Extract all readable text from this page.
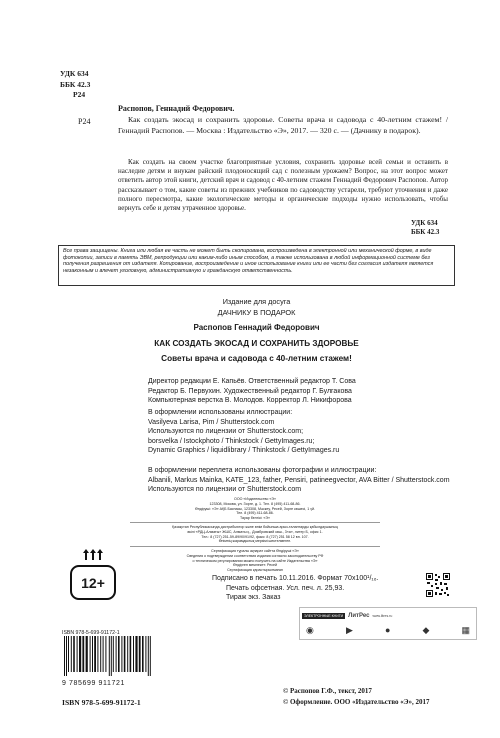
УДК 634
ББК 42.3
Р24
Распопов, Геннадий Федорович.
Р24	Как создать экосад и сохранить здоровье. Советы врача и садовода с 40-летним стажем! / Геннадий Распопов. — Москва : Издательство «Э», 2017. — 320 с. — (Дачнику в подарок).
Как создать на своем участке благоприятные условия, сохранить здоровье всей семьи и оставить в наследие детям и внукам райский плодоносящий сад с полезным урожаем? Вопрос, на этот вопрос может ответить автор этой книги, детский врач и садовод с 40-летним стажем Геннадий Федорович Распопов. Автор рассказывает о том, какие советы из прежних учебников по садоводству устарели, требуют уточнения и даже полного пересмотра, какие экологические методы и органические подходы нужно использовать, чтобы вернуть себе и детям утраченное здоровье.
УДК 634
ББК 42.3
Все права защищены. Книга или любая ее часть не может быть скопирована, воспроизведена в электронной или механической форме, в виде фотокопии, записи в память ЭВМ, репродукции или каким-либо иным способом, а также использована в любой информационной системе без получения разрешения от издателя. Копирование, воспроизведение и иное использование книги или ее части без согласия издателя является незаконным и влечет уголовную, административную и гражданскую ответственность.
Издание для досуга
ДАЧНИКУ В ПОДАРОК
Распопов Геннадий Федорович
КАК СОЗДАТЬ ЭКОСАД И СОХРАНИТЬ ЗДОРОВЬЕ
Советы врача и садовода с 40-летним стажем!
Директор редакции Е. Капьёв. Ответственный редактор Т. Сова
Редактор Б. Первухин. Художественный редактор Г. Булгакова
Компьютерная верстка В. Молодов. Корректор Л. Никифорова
В оформлении использованы иллюстрации:
Vasilyeva Larisa, Pim / Shutterstock.com
Используются по лицензии от Shutterstock.com;
borsvelka / Istockphoto / Thinkstock / GettyImages.ru;
Dynamic Graphics / liquidlibrary / Thinkstock / GettyImages.ru
В оформлении переплета использованы фотографии и иллюстрации:
Albanili, Markus Mainka, KATE_123, father, Pensiri, patineegvector, AVA Bitter / Shutterstock.com
Используются по лицензии от Shutterstock.com
ООО «Издательство «Э»
123308, Москва, ул. Зорге, д. 1. Тел. 8 (495) 411-68-86.
Өндіруші: «Э» АҚБ Баспасы, 123308, Мәскеу, Ресей, Зорге көшесі, 1 үй.
Тел. 8 (495) 411-68-86.
Тауар белгісі: «Э»
Қазақстан Республикасында дистрибьютор және өнім бойынша арыз-талаптарды қабылдаушының
өкілі «РДЦ-Алматы» ЖШС, Алматы қ., Домбровский көш., 3«а», литер Б, офис 1.
Тел.: 8 (727) 251-59-89/90/91/92, факс: 8 (727) 251 58 12 вн. 107.
Өнімнің жарамдылық мерзімі шектелмеген.
Сертификация туралы ақпарат сайтта Өндіруші «Э»
Сведения о подтверждении соответствия издания согласно законодательству РФ
о техническом регулировании можно получить на сайте Издательства «Э»
Өндірген мемлекет: Ресей
Сертификация қарастырылмаған
12+	Подписано в печать 10.11.2016. Формат 70x100¹/₁₆.
Печать офсетная. Усл. печ. л. 25,93.
Тираж экз. Заказ
ЭЛЕКТРОННЫЕ КНИГИ ЛитРес www.litres.ru
◉	▶	●	◆	▦
ISBN 978-5-699-91172-1
9 785699 911721
ISBN 978-5-699-91172-1
© Распопов Г.Ф., текст, 2017
© Оформление. ООО «Издательство «Э», 2017
